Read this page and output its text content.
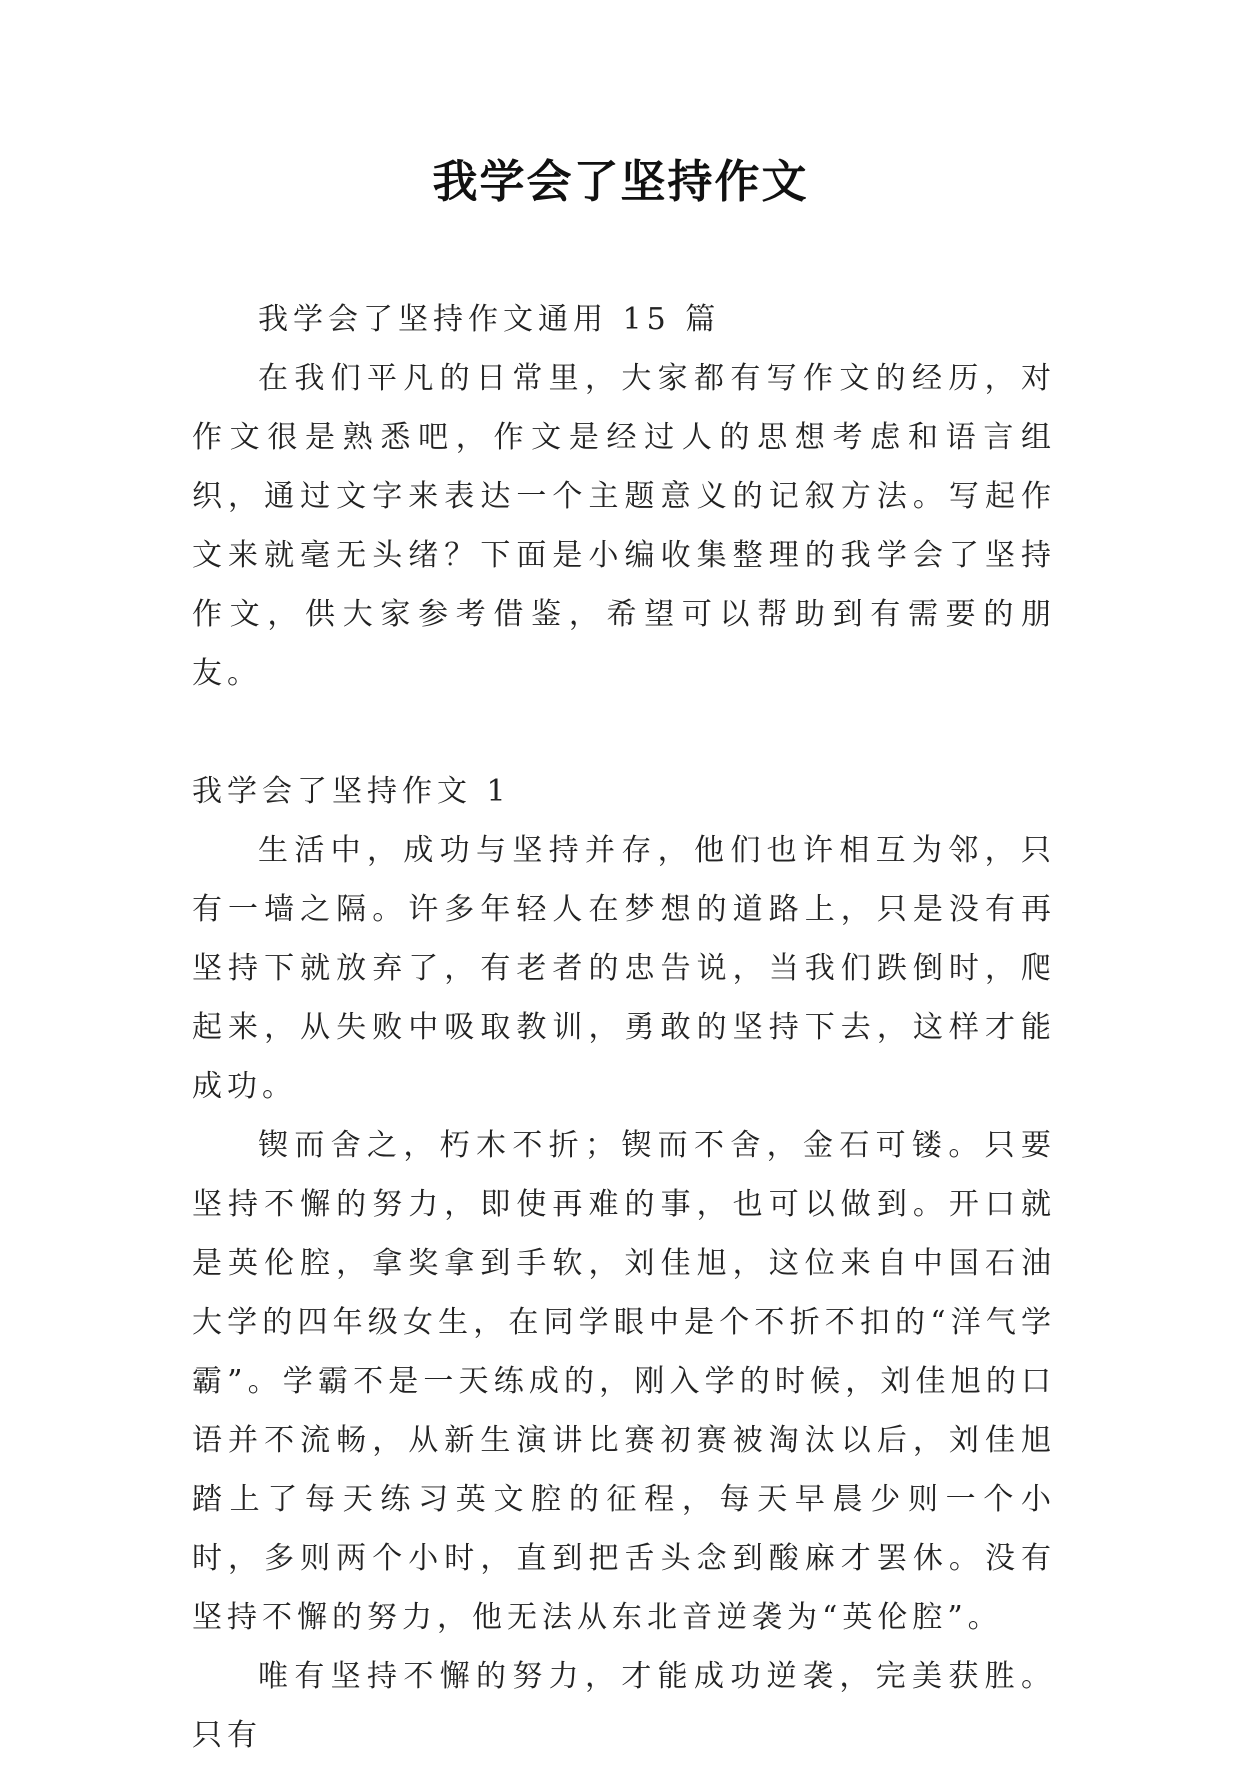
我学会了坚持作文

我学会了坚持作文通用 15 篇

在我们平凡的日常里，大家都有写作文的经历，对作文很是熟悉吧，作文是经过人的思想考虑和语言组织，通过文字来表达一个主题意义的记叙方法。写起作文来就毫无头绪？下面是小编收集整理的我学会了坚持作文，供大家参考借鉴，希望可以帮助到有需要的朋友。

我学会了坚持作文 1

生活中，成功与坚持并存，他们也许相互为邻，只有一墙之隔。许多年轻人在梦想的道路上，只是没有再坚持下就放弃了，有老者的忠告说，当我们跌倒时，爬起来，从失败中吸取教训，勇敢的坚持下去，这样才能成功。

锲而舍之，朽木不折；锲而不舍，金石可镂。只要坚持不懈的努力，即使再难的事，也可以做到。开口就是英伦腔，拿奖拿到手软，刘佳旭，这位来自中国石油大学的四年级女生，在同学眼中是个不折不扣的“洋气学霸”。学霸不是一天练成的，刚入学的时候，刘佳旭的口语并不流畅，从新生演讲比赛初赛被淘汰以后，刘佳旭踏上了每天练习英文腔的征程，每天早晨少则一个小时，多则两个小时，直到把舌头念到酸麻才罢休。没有坚持不懈的努力，他无法从东北音逆袭为“英伦腔”。

唯有坚持不懈的努力，才能成功逆袭，完美获胜。只有
